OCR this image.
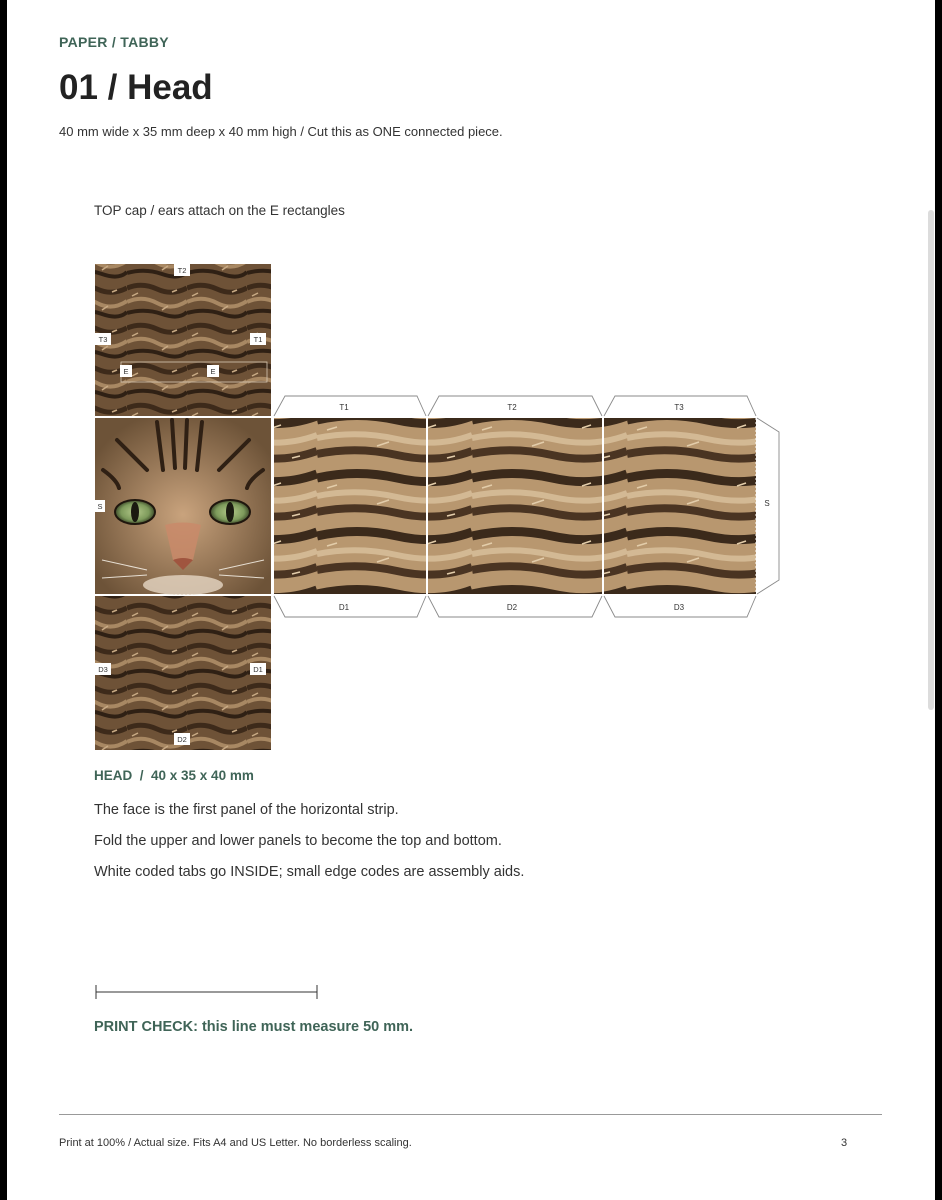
PAPER / TABBY
01 / Head
40 mm wide x 35 mm deep x 40 mm high / Cut this as ONE connected piece.
TOP cap / ears attach on the E rectangles
T1	T2	T3
D1	D2	D3
S
T2
T3	T1
E	E
S
D3	D1
D2
HEAD  /  40 x 35 x 40 mm
The face is the first panel of the horizontal strip.
Fold the upper and lower panels to become the top and bottom.
White coded tabs go INSIDE; small edge codes are assembly aids.
PRINT CHECK: this line must measure 50 mm.
Print at 100% / Actual size. Fits A4 and US Letter. No borderless scaling.	3
